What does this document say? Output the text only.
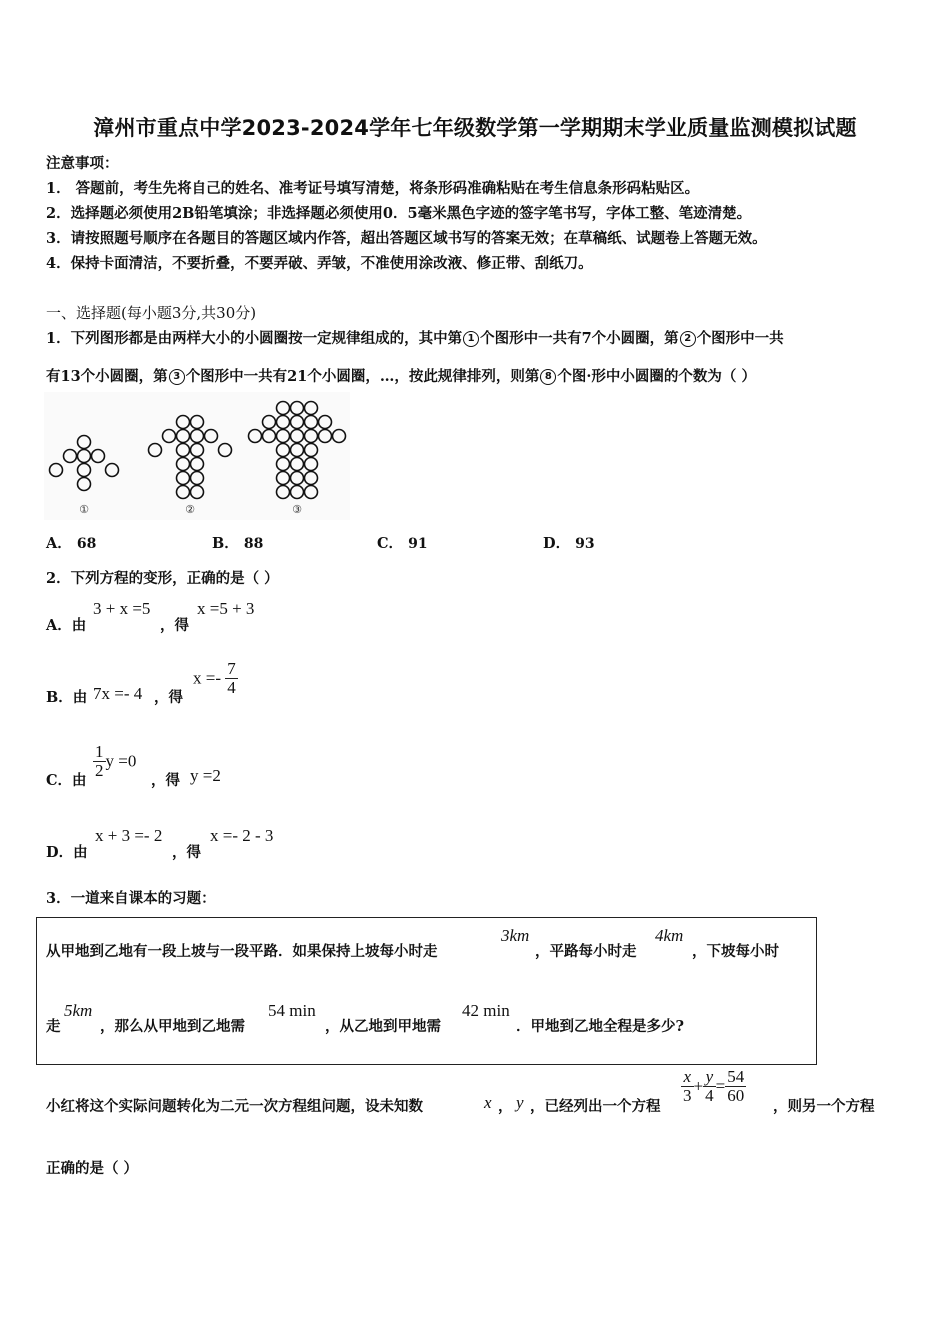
漳州市重点中学2023-2024学年七年级数学第一学期期末学业质量监测模拟试题
注意事项：
1． 答题前，考生先将自己的姓名、准考证号填写清楚，将条形码准确粘贴在考生信息条形码粘贴区。
2．选择题必须使用2B铅笔填涂；非选择题必须使用0．5毫米黑色字迹的签字笔书写，字体工整、笔迹清楚。
3．请按照题号顺序在各题目的答题区域内作答，超出答题区域书写的答案无效；在草稿纸、试题卷上答题无效。
4．保持卡面清洁，不要折叠，不要弄破、弄皱，不准使用涂改液、修正带、刮纸刀。
一、选择题(每小题3分,共30分)
1．下列图形都是由两样大小的小圆圈按一定规律组成的，其中第 1 个图形中一共有7个小圆圈，第 2 个图形中一共
有13个小圆圈，第 3 个图形中一共有21个小圆圈，…，按此规律排列，则第 8 个图·形中小圆圈的个数为（ ）
①	②	③
A． 68	B． 88	C． 91	D． 93
2．下列方程的变形，正确的是（ ）
A．由
3 + x =5
，得
x =5 + 3
B．由 7x =- 4 ，得
$x =- \frac{7}{4}$
C．由
$\frac{1}{2}$ y =0
，得 y =2
D．由
x + 3 =- 2
，得
x =- 2 - 3
3．一道来自课本的习题：
从甲地到乙地有一段上坡与一段平路．如果保持上坡每小时走
3km
，平路每小时走
4km
，下坡每小时
走
5km
，那么从甲地到乙地需
54 min
，从乙地到甲地需
42 min
．甲地到乙地全程是多少?
小红将这个实际问题转化为二元一次方程组问题，设未知数	x ， y ，已经列出一个方程
$\frac{x}{3} + \frac{y}{4} = \frac{54}{60}$
，则另一个方程
正确的是（ ）
